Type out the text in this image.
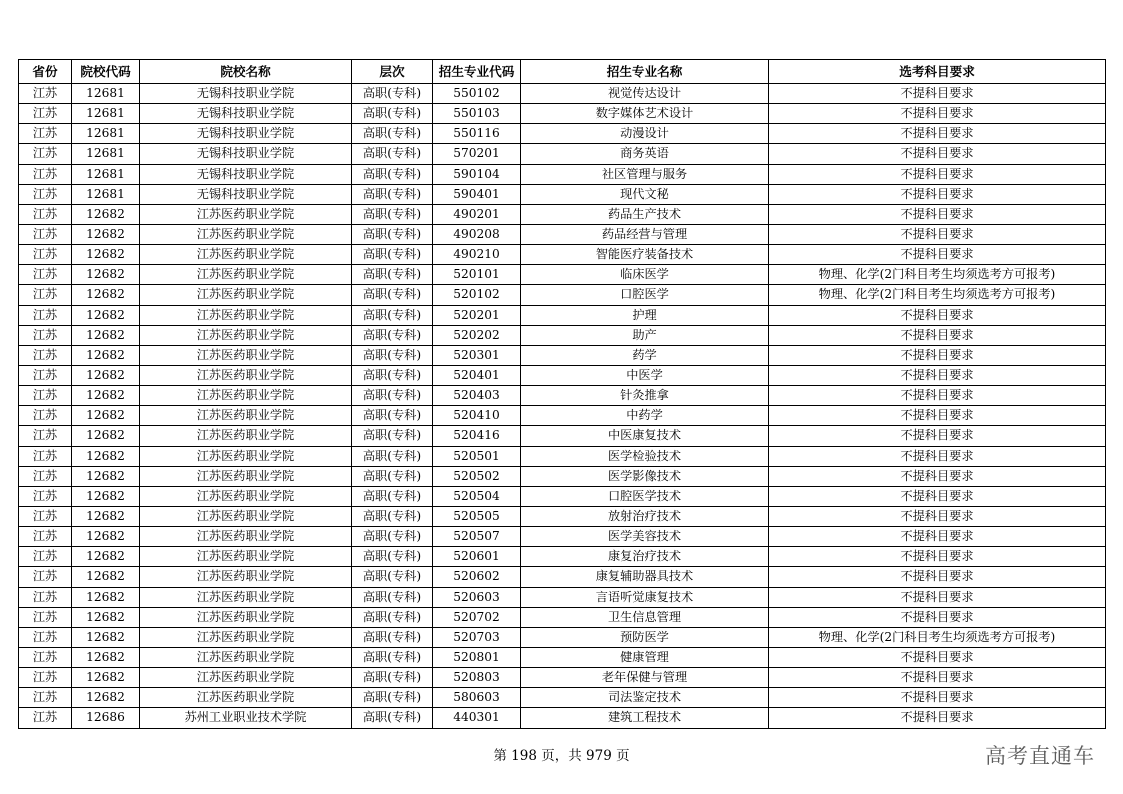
省份	院校代码	院校名称	层次	招生专业代码	招生专业名称	选考科目要求
江苏	12681	无锡科技职业学院	高职(专科)	550102	视觉传达设计	不提科目要求
江苏	12681	无锡科技职业学院	高职(专科)	550103	数字媒体艺术设计	不提科目要求
江苏	12681	无锡科技职业学院	高职(专科)	550116	动漫设计	不提科目要求
江苏	12681	无锡科技职业学院	高职(专科)	570201	商务英语	不提科目要求
江苏	12681	无锡科技职业学院	高职(专科)	590104	社区管理与服务	不提科目要求
江苏	12681	无锡科技职业学院	高职(专科)	590401	现代文秘	不提科目要求
江苏	12682	江苏医药职业学院	高职(专科)	490201	药品生产技术	不提科目要求
江苏	12682	江苏医药职业学院	高职(专科)	490208	药品经营与管理	不提科目要求
江苏	12682	江苏医药职业学院	高职(专科)	490210	智能医疗装备技术	不提科目要求
江苏	12682	江苏医药职业学院	高职(专科)	520101	临床医学	物理、化学(2门科目考生均须选考方可报考)
江苏	12682	江苏医药职业学院	高职(专科)	520102	口腔医学	物理、化学(2门科目考生均须选考方可报考)
江苏	12682	江苏医药职业学院	高职(专科)	520201	护理	不提科目要求
江苏	12682	江苏医药职业学院	高职(专科)	520202	助产	不提科目要求
江苏	12682	江苏医药职业学院	高职(专科)	520301	药学	不提科目要求
江苏	12682	江苏医药职业学院	高职(专科)	520401	中医学	不提科目要求
江苏	12682	江苏医药职业学院	高职(专科)	520403	针灸推拿	不提科目要求
江苏	12682	江苏医药职业学院	高职(专科)	520410	中药学	不提科目要求
江苏	12682	江苏医药职业学院	高职(专科)	520416	中医康复技术	不提科目要求
江苏	12682	江苏医药职业学院	高职(专科)	520501	医学检验技术	不提科目要求
江苏	12682	江苏医药职业学院	高职(专科)	520502	医学影像技术	不提科目要求
江苏	12682	江苏医药职业学院	高职(专科)	520504	口腔医学技术	不提科目要求
江苏	12682	江苏医药职业学院	高职(专科)	520505	放射治疗技术	不提科目要求
江苏	12682	江苏医药职业学院	高职(专科)	520507	医学美容技术	不提科目要求
江苏	12682	江苏医药职业学院	高职(专科)	520601	康复治疗技术	不提科目要求
江苏	12682	江苏医药职业学院	高职(专科)	520602	康复辅助器具技术	不提科目要求
江苏	12682	江苏医药职业学院	高职(专科)	520603	言语听觉康复技术	不提科目要求
江苏	12682	江苏医药职业学院	高职(专科)	520702	卫生信息管理	不提科目要求
江苏	12682	江苏医药职业学院	高职(专科)	520703	预防医学	物理、化学(2门科目考生均须选考方可报考)
江苏	12682	江苏医药职业学院	高职(专科)	520801	健康管理	不提科目要求
江苏	12682	江苏医药职业学院	高职(专科)	520803	老年保健与管理	不提科目要求
江苏	12682	江苏医药职业学院	高职(专科)	580603	司法鉴定技术	不提科目要求
江苏	12686	苏州工业职业技术学院	高职(专科)	440301	建筑工程技术	不提科目要求
第 198 页，共 979 页	高考直通车
